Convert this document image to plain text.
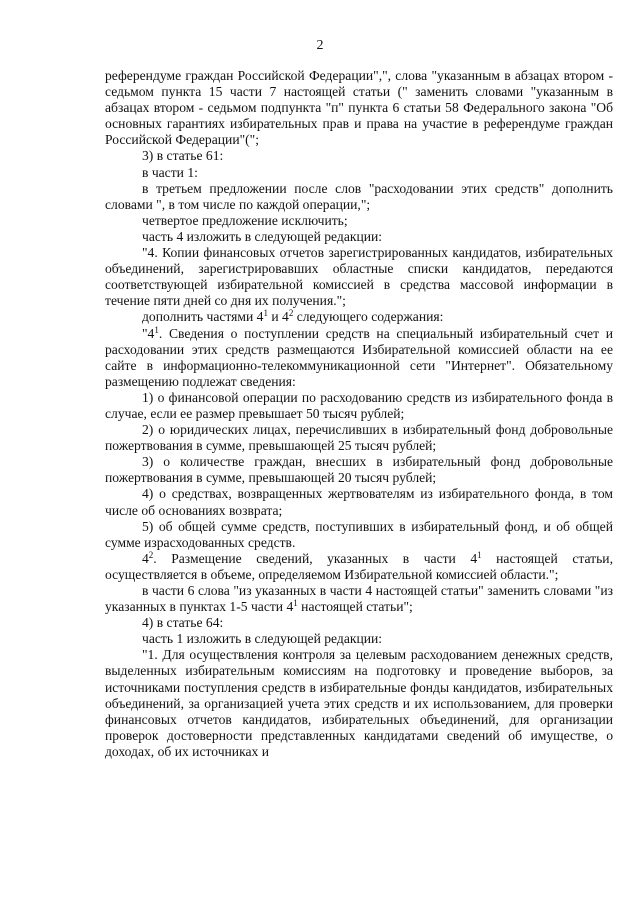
2

референдуме граждан Российской Федерации",", слова "указанным в абзацах втором - седьмом пункта 15 части 7 настоящей статьи (" заменить словами "указанным в абзацах втором - седьмом подпункта "п" пункта 6 статьи 58 Федерального закона "Об основных гарантиях избирательных прав и права на участие в референдуме граждан Российской Федерации"(";

3) в статье 61:

в части 1:

в третьем предложении после слов "расходовании этих средств" дополнить словами ", в том числе по каждой операции,";

четвертое предложение исключить;

часть 4 изложить в следующей редакции:

"4. Копии финансовых отчетов зарегистрированных кандидатов, избирательных объединений, зарегистрировавших областные списки кандидатов, передаются соответствующей избирательной комиссией в средства массовой информации в течение пяти дней со дня их получения.";

дополнить частями $4^1$ и $4^2$ следующего содержания:

"$4^1$. Сведения о поступлении средств на специальный избирательный счет и расходовании этих средств размещаются Избирательной комиссией области на ее сайте в информационно-телекоммуникационной сети "Интернет". Обязательному размещению подлежат сведения:

1) о финансовой операции по расходованию средств из избирательного фонда в случае, если ее размер превышает 50 тысяч рублей;

2) о юридических лицах, перечисливших в избирательный фонд добровольные пожертвования в сумме, превышающей 25 тысяч рублей;

3) о количестве граждан, внесших в избирательный фонд добровольные пожертвования в сумме, превышающей 20 тысяч рублей;

4) о средствах, возвращенных жертвователям из избирательного фонда, в том числе об основаниях возврата;

5) об общей сумме средств, поступивших в избирательный фонд, и об общей сумме израсходованных средств.

$4^2$. Размещение сведений, указанных в части $4^1$ настоящей статьи, осуществляется в объеме, определяемом Избирательной комиссией области.";

в части 6 слова "из указанных в части 4 настоящей статьи" заменить словами "из указанных в пунктах 1-5 части $4^1$ настоящей статьи";

4) в статье 64:

часть 1 изложить в следующей редакции:

"1. Для осуществления контроля за целевым расходованием денежных средств, выделенных избирательным комиссиям на подготовку и проведение выборов, за источниками поступления средств в избирательные фонды кандидатов, избирательных объединений, за организацией учета этих средств и их использованием, для проверки финансовых отчетов кандидатов, избирательных объединений, для организации проверок достоверности представленных кандидатами сведений об имуществе, о доходах, об их источниках и
